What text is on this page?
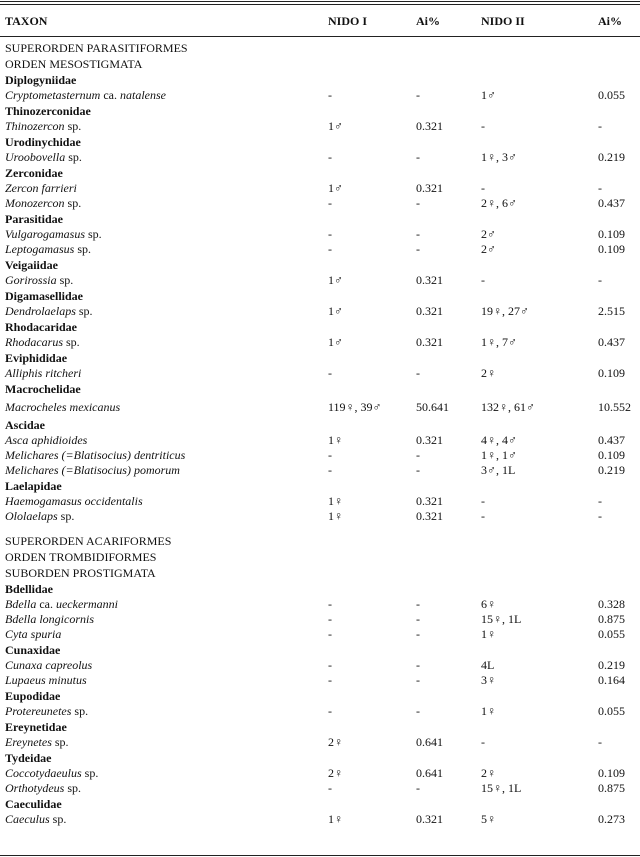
TAXON	NIDO I	Ai%	NIDO II	Ai%
SUPERORDEN PARASITIFORMES
ORDEN MESOSTIGMATA
Diplogyniidae
Cryptometasternum ca. natalense	-	-	1♂	0.055
Thinozerconidae
Thinozercon sp.	1♂	0.321	-	-
Urodinychidae
Uroobovella sp.	-	-	1♀, 3♂	0.219
Zerconidae
Zercon farrieri	1♂	0.321	-	-
Monozercon sp.	-	-	2♀, 6♂	0.437
Parasitidae
Vulgarogamasus sp.	-	-	2♂	0.109
Leptogamasus sp.	-	-	2♂	0.109
Veigaiidae
Gorirossia sp.	1♂	0.321	-	-
Digamasellidae
Dendrolaelaps sp.	1♂	0.321	19♀, 27♂	2.515
Rhodacaridae
Rhodacarus sp.	1♂	0.321	1♀, 7♂	0.437
Eviphididae
Alliphis ritcheri	-	-	2♀	0.109
Macrochelidae
Macrocheles mexicanus	119♀, 39♂	50.641	132♀, 61♂	10.552
Ascidae
Asca aphidioides	1♀	0.321	4♀, 4♂	0.437
Melichares (=Blatisocius) dentriticus	-	-	1♀, 1♂	0.109
Melichares (=Blatisocius) pomorum	-	-	3♂, 1L	0.219
Laelapidae
Haemogamasus occidentalis	1♀	0.321	-	-
Ololaelaps sp.	1♀	0.321	-	-
SUPERORDEN ACARIFORMES
ORDEN TROMBIDIFORMES
SUBORDEN PROSTIGMATA
Bdellidae
Bdella ca. ueckermanni	-	-	6♀	0.328
Bdella longicornis	-	-	15♀, 1L	0.875
Cyta spuria	-	-	1♀	0.055
Cunaxidae
Cunaxa capreolus	-	-	4L	0.219
Lupaeus minutus	-	-	3♀	0.164
Eupodidae
Protereunetes sp.	-	-	1♀	0.055
Ereynetidae
Ereynetes sp.	2♀	0.641	-	-
Tydeidae
Coccotydaeulus sp.	2♀	0.641	2♀	0.109
Orthotydeus sp.	-	-	15♀, 1L	0.875
Caeculidae
Caeculus sp.	1♀	0.321	5♀	0.273
